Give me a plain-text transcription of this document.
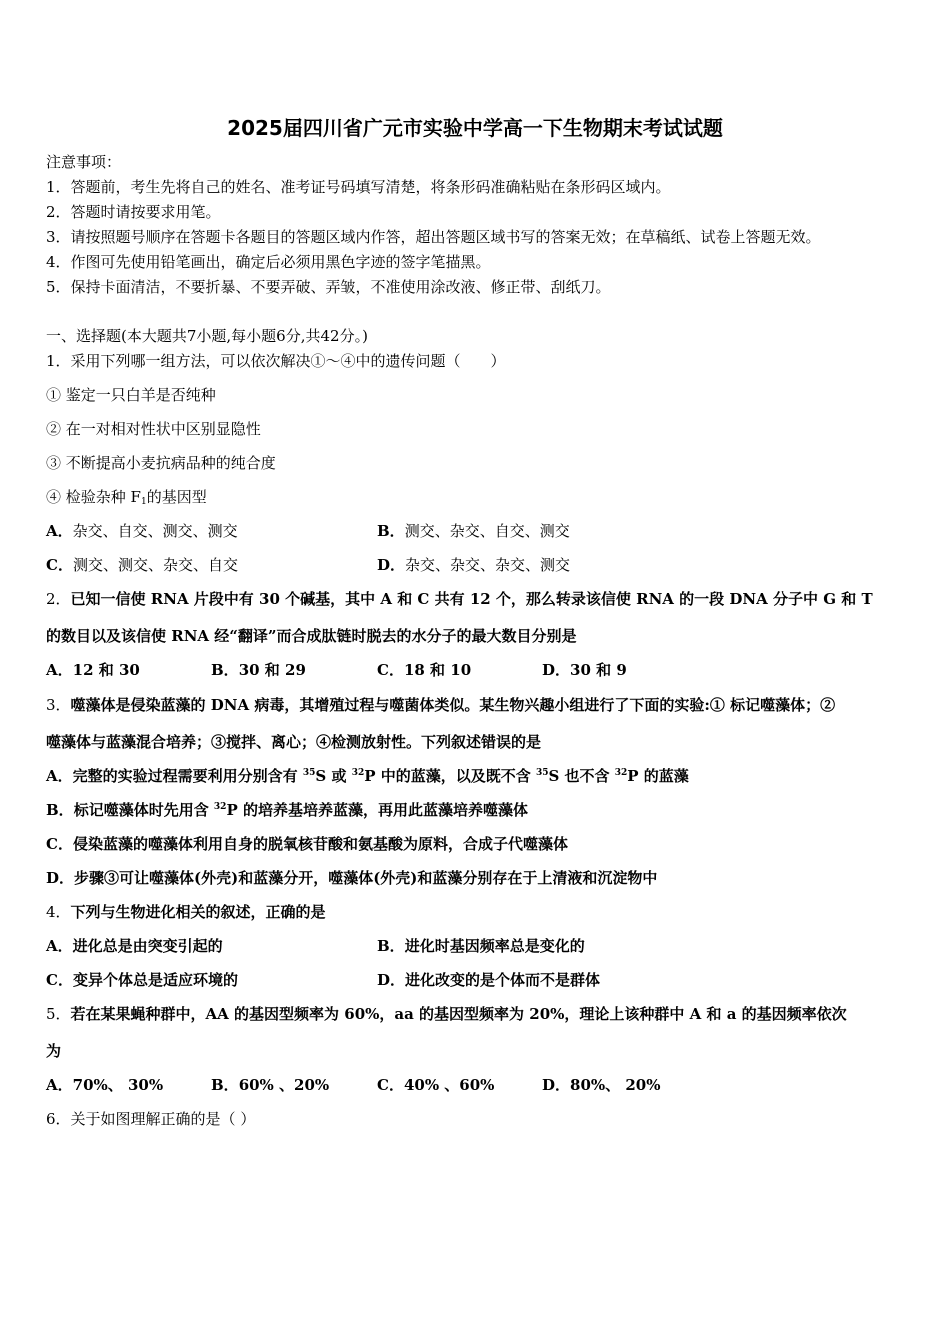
2025届四川省广元市实验中学高一下生物期末考试试题
注意事项：
1．答题前，考生先将自己的姓名、准考证号码填写清楚，将条形码准确粘贴在条形码区域内。
2．答题时请按要求用笔。
3．请按照题号顺序在答题卡各题目的答题区域内作答，超出答题区域书写的答案无效；在草稿纸、试卷上答题无效。
4．作图可先使用铅笔画出，确定后必须用黑色字迹的签字笔描黑。
5．保持卡面清洁，不要折暴、不要弄破、弄皱，不准使用涂改液、修正带、刮纸刀。
一、选择题(本大题共7小题,每小题6分,共42分。)
1．采用下列哪一组方法，可以依次解决①～④中的遗传问题（　　）
① 鉴定一只白羊是否纯种
② 在一对相对性状中区别显隐性
③ 不断提高小麦抗病品种的纯合度
④ 检验杂种 $F_1$的基因型
A．杂交、自交、测交、测交	B．测交、杂交、自交、测交
C．测交、测交、杂交、自交	D．杂交、杂交、杂交、测交
2．已知一信使 RNA 片段中有 30 个碱基，其中 A 和 C 共有 12 个，那么转录该信使 RNA 的一段 DNA 分子中 G 和 T
的数目以及该信使 RNA 经“翻译”而合成肽链时脱去的水分子的最大数目分别是
A．12 和 30	B．30 和 29	C．18 和 10	D．30 和 9
3．噬藻体是侵染蓝藻的 DNA 病毒，其增殖过程与噬菌体类似。某生物兴趣小组进行了下面的实验:① 标记噬藻体；②
噬藻体与蓝藻混合培养；③搅拌、离心；④检测放射性。下列叙述错误的是
A．完整的实验过程需要利用分别含有 $^{35}$S 或 $^{32}$P 中的蓝藻，以及既不含 $^{35}$S 也不含 $^{32}$P 的蓝藻
B．标记噬藻体时先用含 $^{32}$P 的培养基培养蓝藻，再用此蓝藻培养噬藻体
C．侵染蓝藻的噬藻体利用自身的脱氧核苷酸和氨基酸为原料，合成子代噬藻体
D．步骤③可让噬藻体(外壳)和蓝藻分开，噬藻体(外壳)和蓝藻分别存在于上清液和沉淀物中
4．下列与生物进化相关的叙述，正确的是
A．进化总是由突变引起的	B．进化时基因频率总是变化的
C．变异个体总是适应环境的	D．进化改变的是个体而不是群体
5．若在某果蝇种群中，AA 的基因型频率为 60%，aa 的基因型频率为 20%，理论上该种群中 A 和 a 的基因频率依次
为
A．70%、 30%	B．60% 、20%	C．40% 、60%	D．80%、 20%
6．关于如图理解正确的是（ ）
